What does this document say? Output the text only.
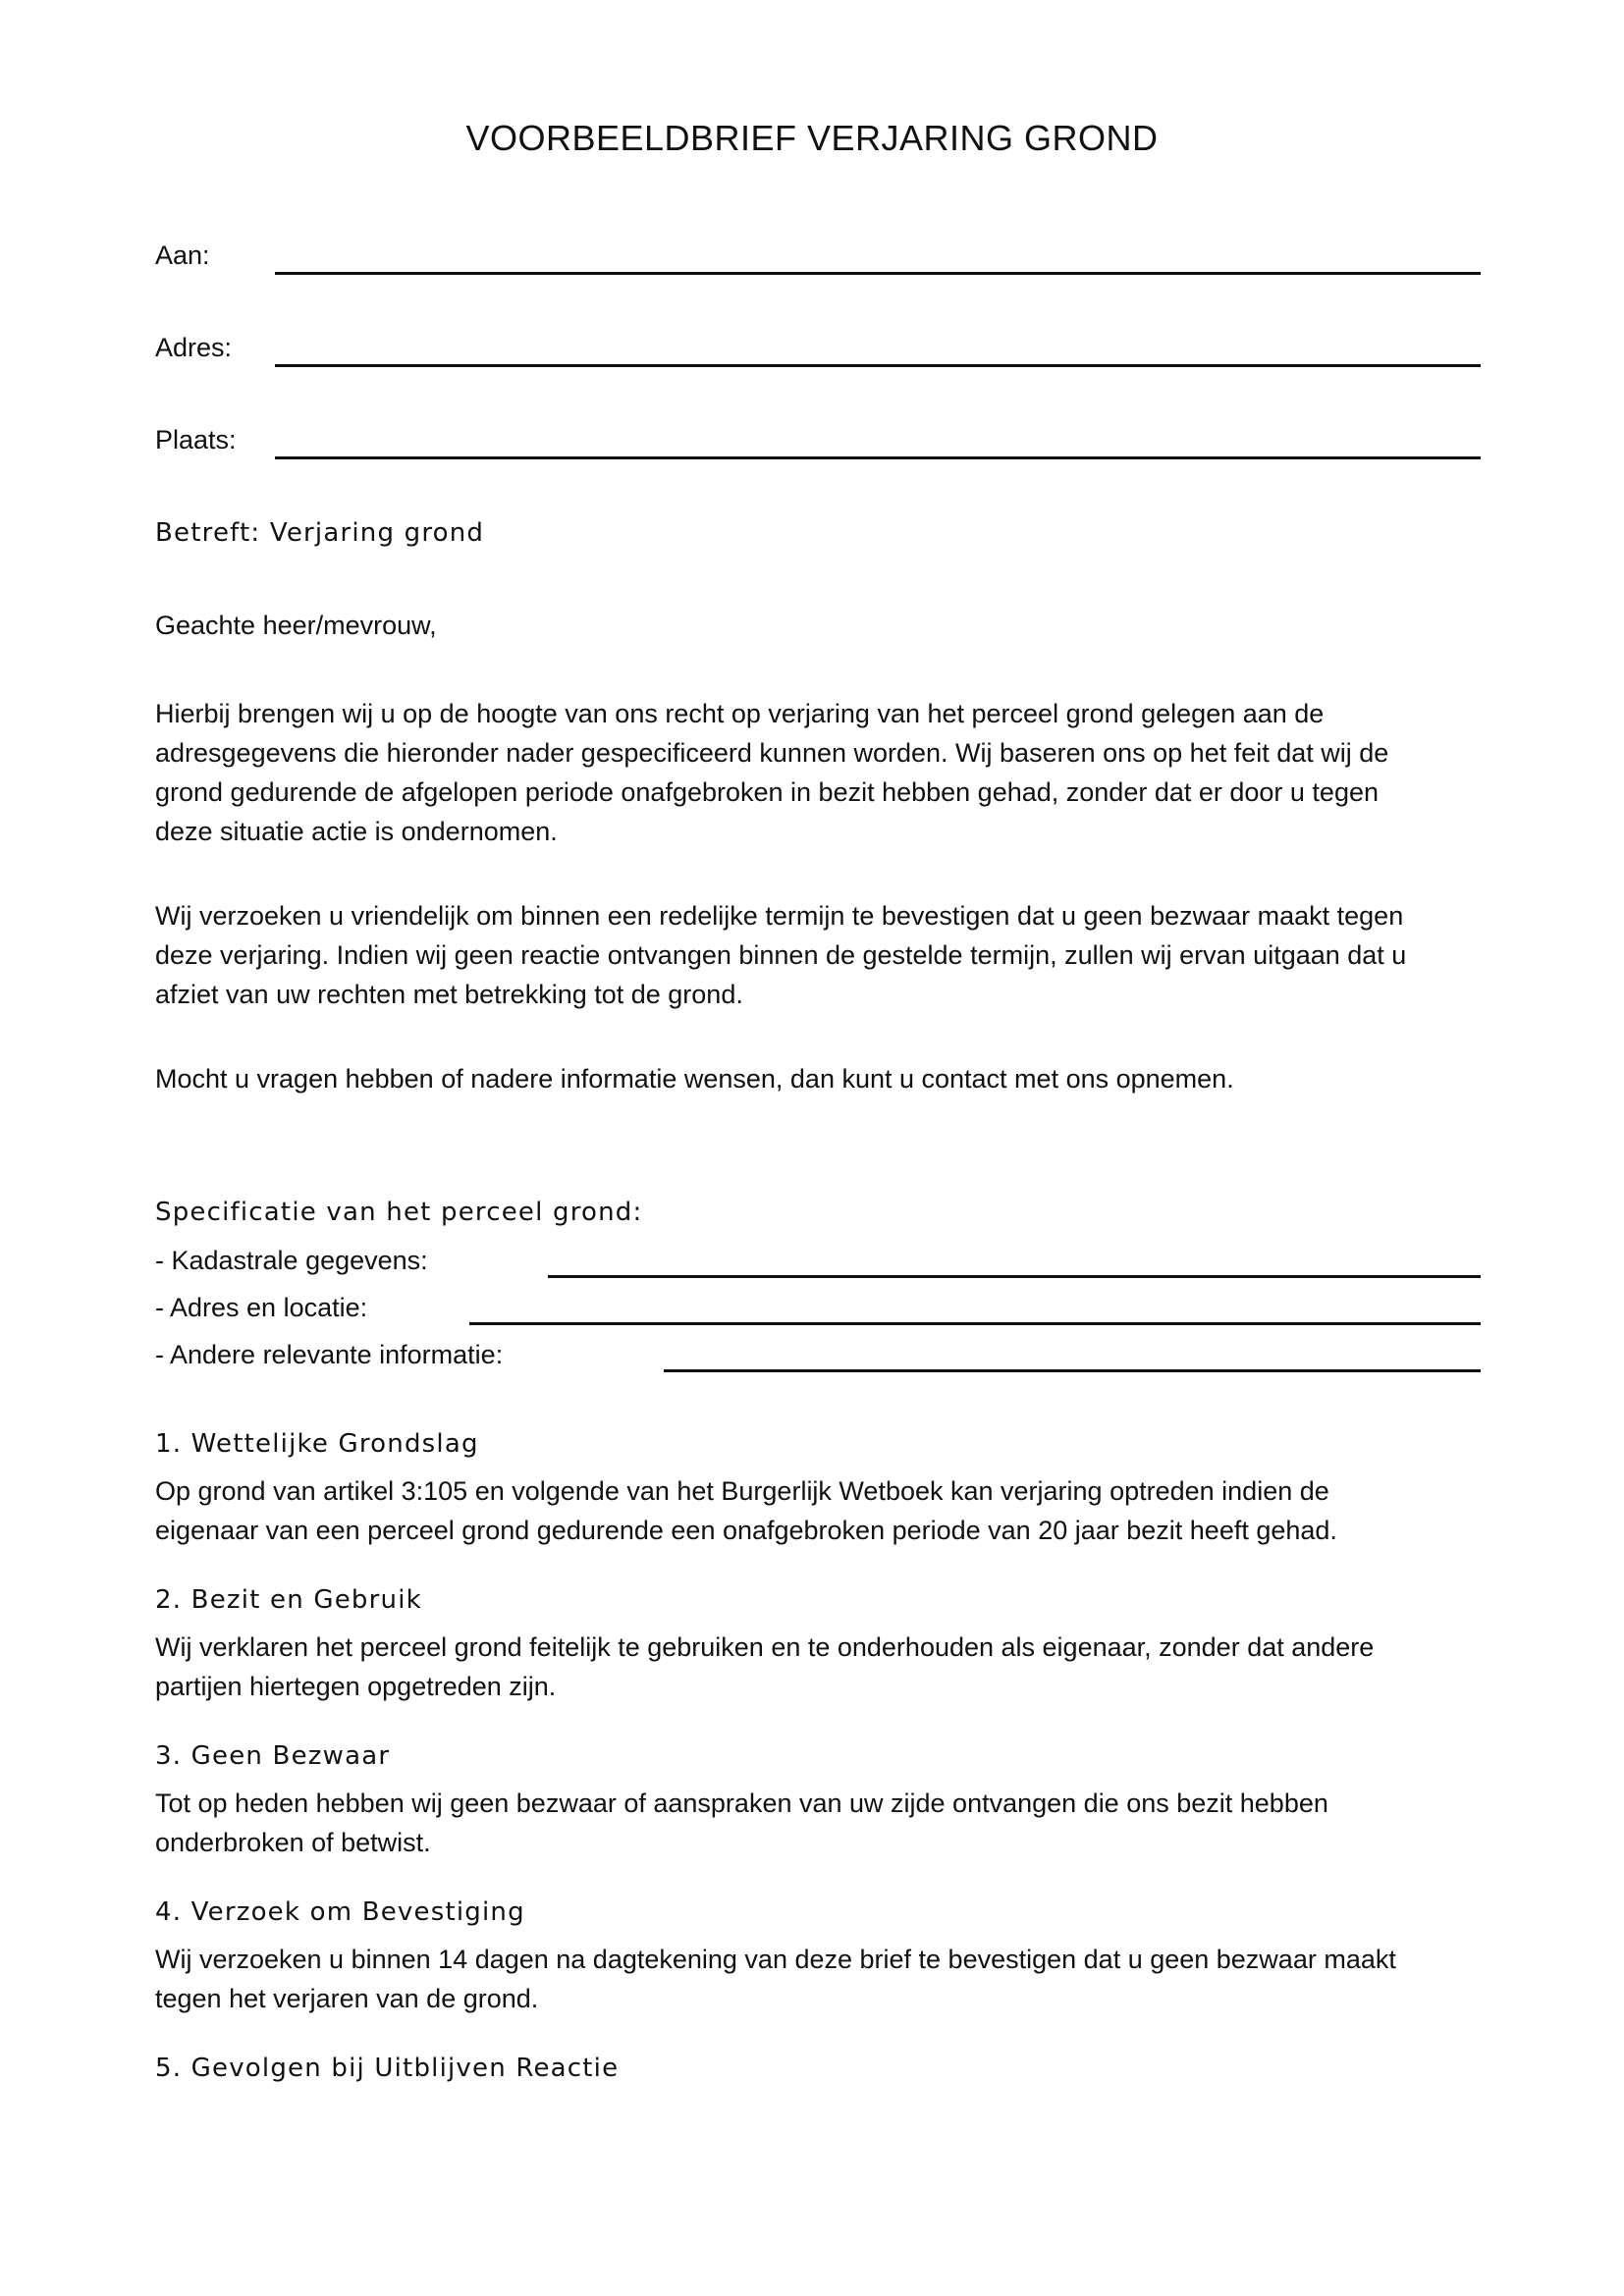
VOORBEELDBRIEF VERJARING GROND
Aan:
Adres:
Plaats:
Betreft: Verjaring grond
Geachte heer/mevrouw,
Hierbij brengen wij u op de hoogte van ons recht op verjaring van het perceel grond gelegen aan de
adresgegevens die hieronder nader gespecificeerd kunnen worden. Wij baseren ons op het feit dat wij de
grond gedurende de afgelopen periode onafgebroken in bezit hebben gehad, zonder dat er door u tegen
deze situatie actie is ondernomen.
Wij verzoeken u vriendelijk om binnen een redelijke termijn te bevestigen dat u geen bezwaar maakt tegen
deze verjaring. Indien wij geen reactie ontvangen binnen de gestelde termijn, zullen wij ervan uitgaan dat u
afziet van uw rechten met betrekking tot de grond.
Mocht u vragen hebben of nadere informatie wensen, dan kunt u contact met ons opnemen.
Specificatie van het perceel grond:
- Kadastrale gegevens:
- Adres en locatie:
- Andere relevante informatie:
1. Wettelijke Grondslag
Op grond van artikel 3:105 en volgende van het Burgerlijk Wetboek kan verjaring optreden indien de
eigenaar van een perceel grond gedurende een onafgebroken periode van 20 jaar bezit heeft gehad.
2. Bezit en Gebruik
Wij verklaren het perceel grond feitelijk te gebruiken en te onderhouden als eigenaar, zonder dat andere
partijen hiertegen opgetreden zijn.
3. Geen Bezwaar
Tot op heden hebben wij geen bezwaar of aanspraken van uw zijde ontvangen die ons bezit hebben
onderbroken of betwist.
4. Verzoek om Bevestiging
Wij verzoeken u binnen 14 dagen na dagtekening van deze brief te bevestigen dat u geen bezwaar maakt
tegen het verjaren van de grond.
5. Gevolgen bij Uitblijven Reactie
